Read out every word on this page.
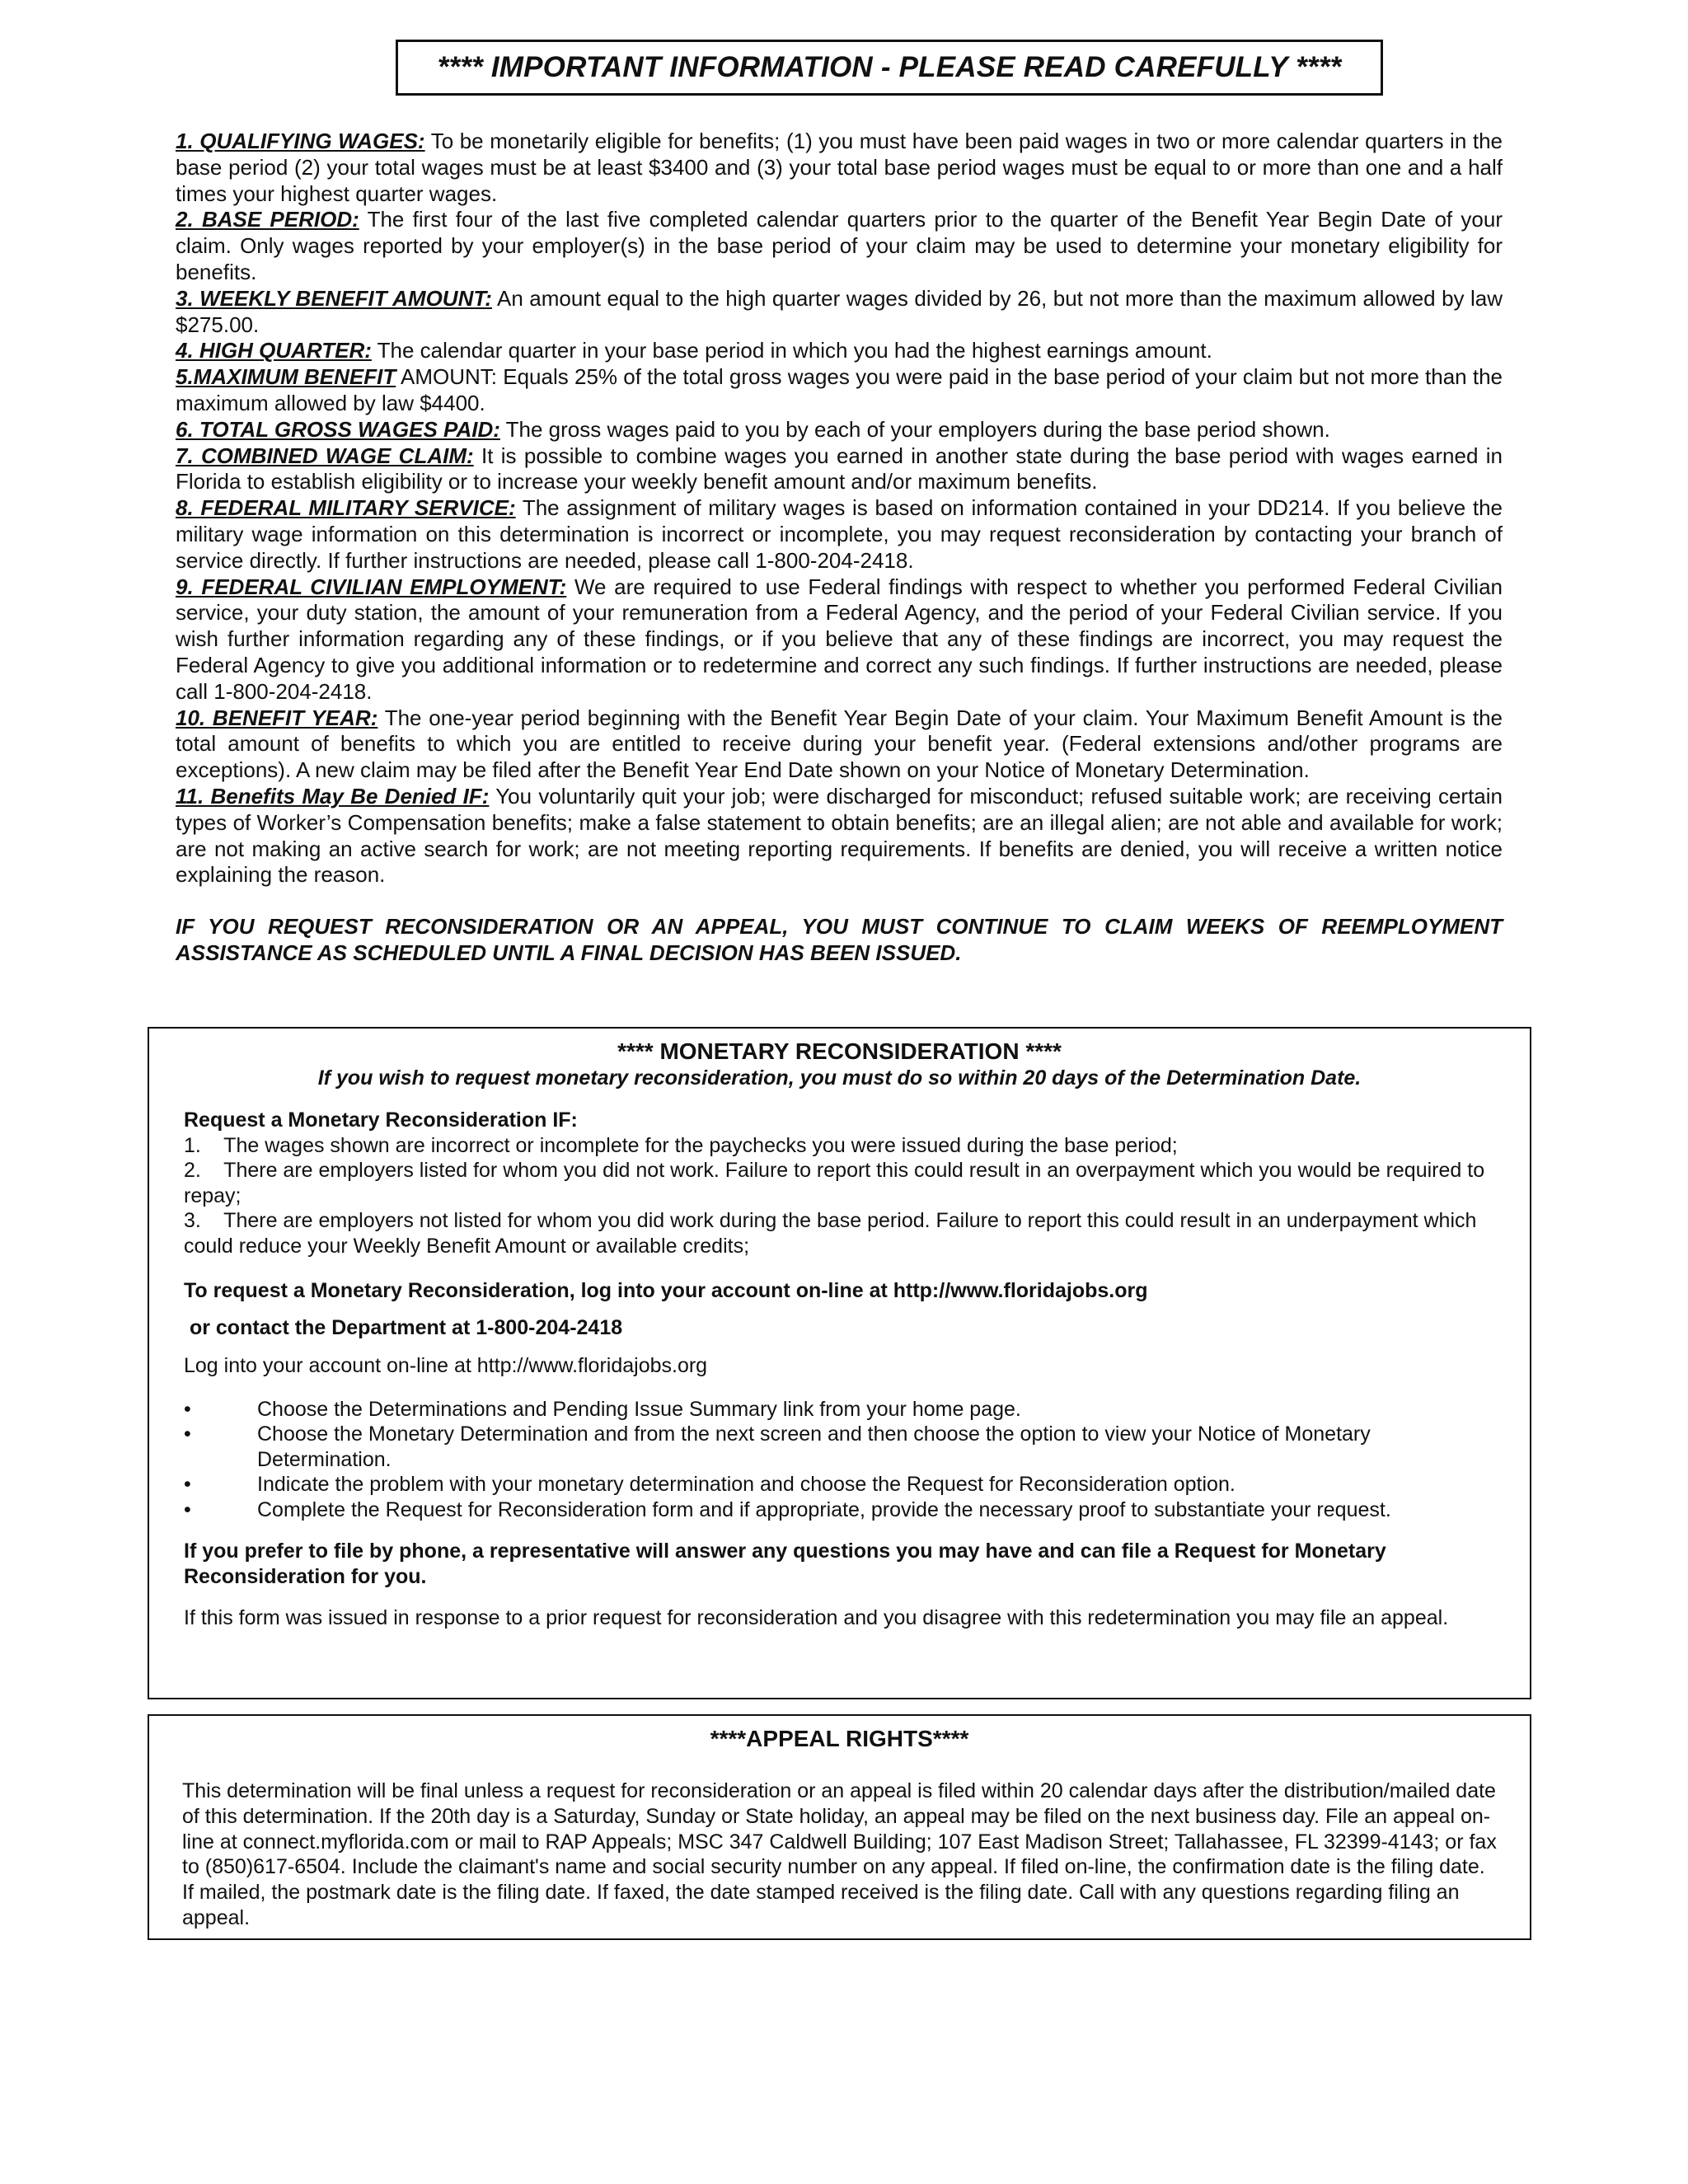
**** IMPORTANT INFORMATION - PLEASE READ CAREFULLY ****

1. QUALIFYING WAGES: To be monetarily eligible for benefits; (1) you must have been paid wages in two or more calendar quarters in the base period (2) your total wages must be at least $3400 and (3) your total base period wages must be equal to or more than one and a half times your highest quarter wages.

2. BASE PERIOD: The first four of the last five completed calendar quarters prior to the quarter of the Benefit Year Begin Date of your claim. Only wages reported by your employer(s) in the base period of your claim may be used to determine your monetary eligibility for benefits.

3. WEEKLY BENEFIT AMOUNT: An amount equal to the high quarter wages divided by 26, but not more than the maximum allowed by law $275.00.

4. HIGH QUARTER: The calendar quarter in your base period in which you had the highest earnings amount.

5.MAXIMUM BENEFIT AMOUNT: Equals 25% of the total gross wages you were paid in the base period of your claim but not more than the maximum allowed by law $4400.

6. TOTAL GROSS WAGES PAID: The gross wages paid to you by each of your employers during the base period shown.

7. COMBINED WAGE CLAIM: It is possible to combine wages you earned in another state during the base period with wages earned in Florida to establish eligibility or to increase your weekly benefit amount and/or maximum benefits.

8. FEDERAL MILITARY SERVICE: The assignment of military wages is based on information contained in your DD214. If you believe the military wage information on this determination is incorrect or incomplete, you may request reconsideration by contacting your branch of service directly. If further instructions are needed, please call 1-800-204-2418.

9. FEDERAL CIVILIAN EMPLOYMENT: We are required to use Federal findings with respect to whether you performed Federal Civilian service, your duty station, the amount of your remuneration from a Federal Agency, and the period of your Federal Civilian service. If you wish further information regarding any of these findings, or if you believe that any of these findings are incorrect, you may request the Federal Agency to give you additional information or to redetermine and correct any such findings. If further instructions are needed, please call 1-800-204-2418.

10. BENEFIT YEAR: The one-year period beginning with the Benefit Year Begin Date of your claim. Your Maximum Benefit Amount is the total amount of benefits to which you are entitled to receive during your benefit year. (Federal extensions and/other programs are exceptions). A new claim may be filed after the Benefit Year End Date shown on your Notice of Monetary Determination.

11. Benefits May Be Denied IF: You voluntarily quit your job; were discharged for misconduct; refused suitable work; are receiving certain types of Worker’s Compensation benefits; make a false statement to obtain benefits; are an illegal alien; are not able and available for work; are not making an active search for work; are not meeting reporting requirements. If benefits are denied, you will receive a written notice explaining the reason.

IF YOU REQUEST RECONSIDERATION OR AN APPEAL, YOU MUST CONTINUE TO CLAIM WEEKS OF REEMPLOYMENT ASSISTANCE AS SCHEDULED UNTIL A FINAL DECISION HAS BEEN ISSUED.

**** MONETARY RECONSIDERATION ****
If you wish to request monetary reconsideration, you must do so within 20 days of the Determination Date.

Request a Monetary Reconsideration IF:

1.    The wages shown are incorrect or incomplete for the paychecks you were issued during the base period;

2.    There are employers listed for whom you did not work. Failure to report this could result in an overpayment which you would be required to repay;

3.    There are employers not listed for whom you did work during the base period. Failure to report this could result in an underpayment which could reduce your Weekly Benefit Amount or available credits;

To request a Monetary Reconsideration, log into your account on-line at http://www.floridajobs.org

or contact the Department at 1-800-204-2418

Log into your account on-line at http://www.floridajobs.org

•	Choose the Determinations and Pending Issue Summary link from your home page.
•	Choose the Monetary Determination and from the next screen and then choose the option to view your Notice of Monetary Determination.
•	Indicate the problem with your monetary determination and choose the Request for Reconsideration option.
•	Complete the Request for Reconsideration form and if appropriate, provide the necessary proof to substantiate your request.

If you prefer to file by phone, a representative will answer any questions you may have and can file a Request for Monetary Reconsideration for you.

If this form was issued in response to a prior request for reconsideration and you disagree with this redetermination you may file an appeal.

****APPEAL RIGHTS****

This determination will be final unless a request for reconsideration or an appeal is filed within 20 calendar days after the distribution/mailed date of this determination. If the 20th day is a Saturday, Sunday or State holiday, an appeal may be filed on the next business day. File an appeal on-line at connect.myflorida.com or mail to RAP Appeals; MSC 347 Caldwell Building; 107 East Madison Street; Tallahassee, FL 32399-4143; or fax to (850)617-6504. Include the claimant's name and social security number on any appeal. If filed on-line, the confirmation date is the filing date. If mailed, the postmark date is the filing date. If faxed, the date stamped received is the filing date. Call with any questions regarding filing an appeal.
